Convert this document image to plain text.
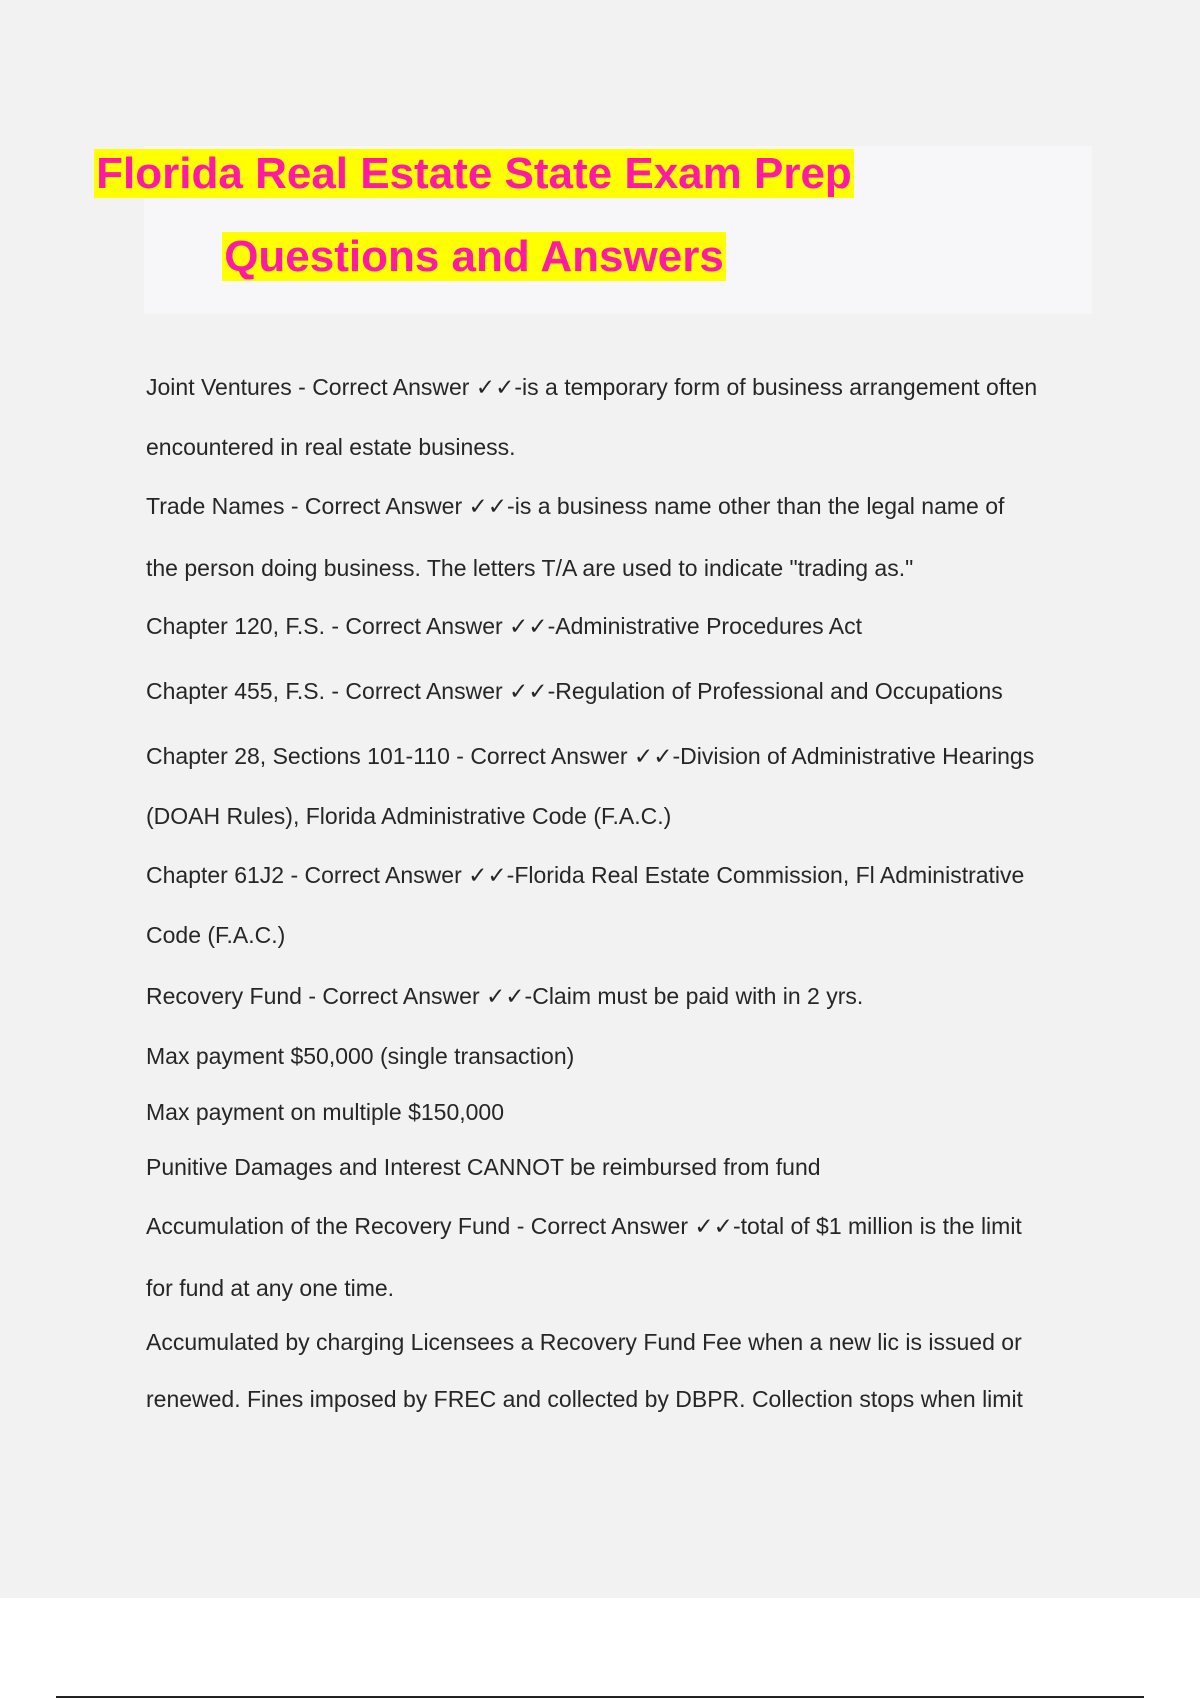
Florida Real Estate State Exam Prep
Questions and Answers
Joint Ventures - Correct Answer ✓✓-is a temporary form of business arrangement often
encountered in real estate business.
Trade Names - Correct Answer ✓✓-is a business name other than the legal name of
the person doing business. The letters T/A are used to indicate "trading as."
Chapter 120, F.S. - Correct Answer ✓✓-Administrative Procedures Act
Chapter 455, F.S. - Correct Answer ✓✓-Regulation of Professional and Occupations
Chapter 28, Sections 101-110 - Correct Answer ✓✓-Division of Administrative Hearings
(DOAH Rules), Florida Administrative Code (F.A.C.)
Chapter 61J2 - Correct Answer ✓✓-Florida Real Estate Commission, Fl Administrative
Code (F.A.C.)
Recovery Fund - Correct Answer ✓✓-Claim must be paid with in 2 yrs.
Max payment $50,000 (single transaction)
Max payment on multiple $150,000
Punitive Damages and Interest CANNOT be reimbursed from fund
Accumulation of the Recovery Fund - Correct Answer ✓✓-total of $1 million is the limit
for fund at any one time.
Accumulated by charging Licensees a Recovery Fund Fee when a new lic is issued or
renewed. Fines imposed by FREC and collected by DBPR. Collection stops when limit
